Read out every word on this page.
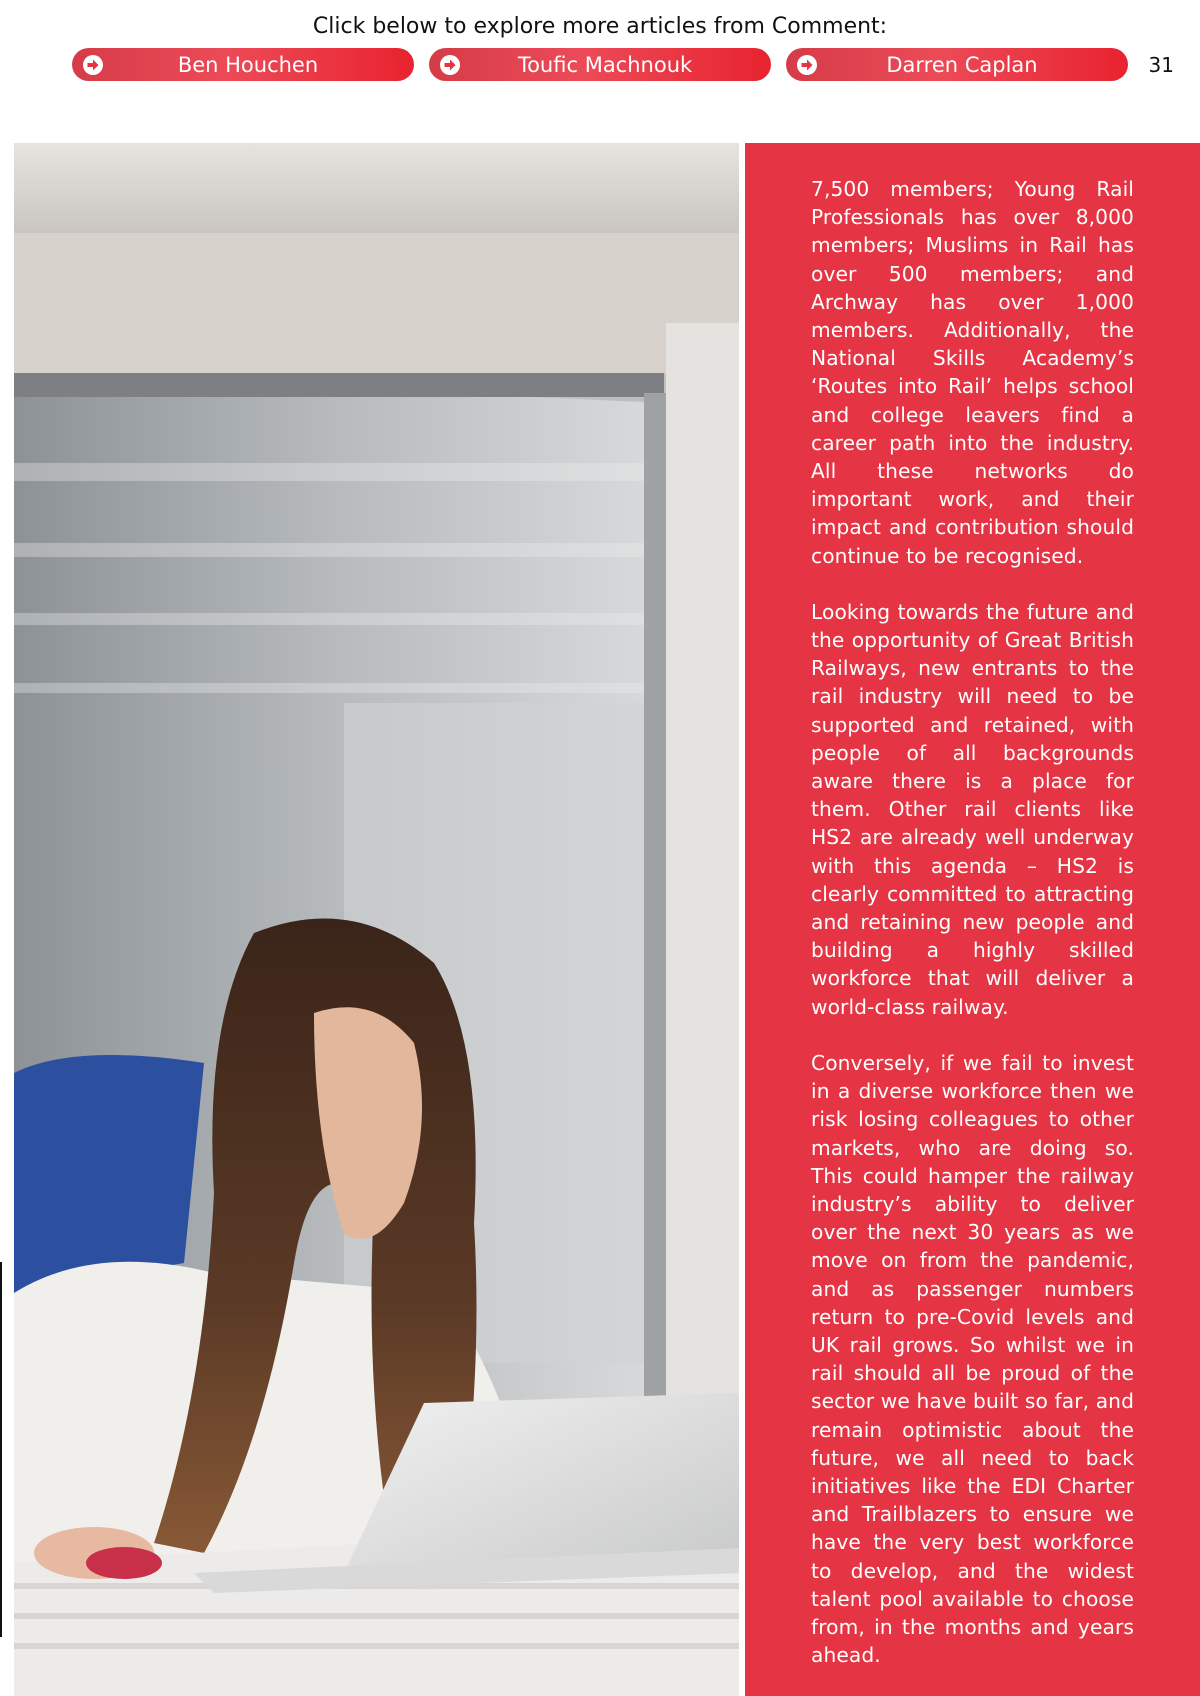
Click below to explore more articles from Comment:
Ben Houchen	Toufic Machnouk	Darren Caplan	31

7,500 members; Young Rail Professionals has over 8,000 members; Muslims in Rail has over 500 members; and Archway has over 1,000 members. Additionally, the National Skills Academy’s ‘Routes into Rail’ helps school and college leavers find a career path into the industry. All these networks do important work, and their impact and contribution should continue to be recognised.

Looking towards the future and the opportunity of Great British Railways, new entrants to the rail industry will need to be supported and retained, with people of all backgrounds aware there is a place for them. Other rail clients like HS2 are already well underway with this agenda – HS2 is clearly committed to attracting and retaining new people and building a highly skilled workforce that will deliver a world-class railway.

Conversely, if we fail to invest in a diverse workforce then we risk losing colleagues to other markets, who are doing so. This could hamper the railway industry’s ability to deliver over the next 30 years as we move on from the pandemic, and as passenger numbers return to pre-Covid levels and UK rail grows. So whilst we in rail should all be proud of the sector we have built so far, and remain optimistic about the future, we all need to back initiatives like the EDI Charter and Trailblazers to ensure we have the very best workforce to develop, and the widest talent pool available to choose from, in the months and years ahead.
